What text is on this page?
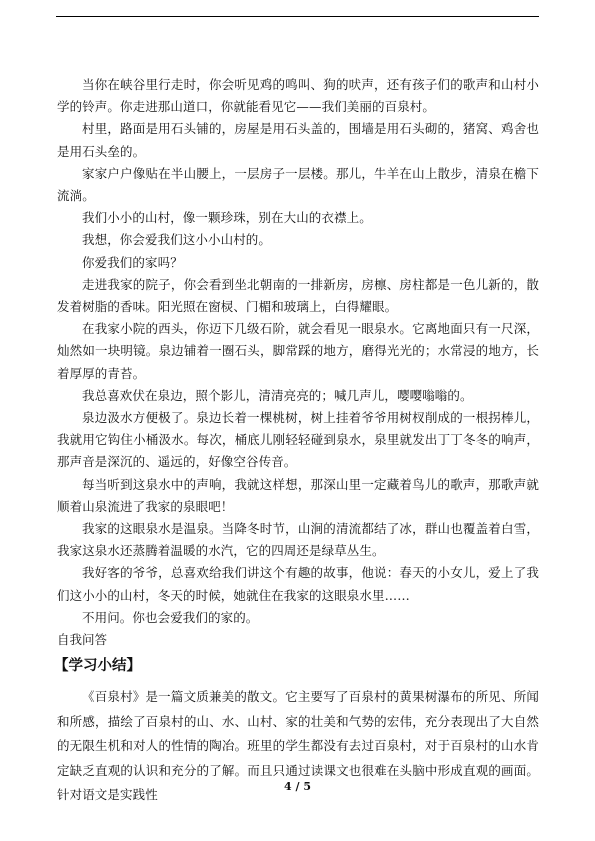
当你在峡谷里行走时，你会听见鸡的鸣叫、狗的吠声，还有孩子们的歌声和山村小学的铃声。你走进那山道口，你就能看见它——我们美丽的百泉村。

村里，路面是用石头铺的，房屋是用石头盖的，围墙是用石头砌的，猪窝、鸡舍也是用石头垒的。

家家户户像贴在半山腰上，一层房子一层楼。那儿，牛羊在山上散步，清泉在檐下流淌。

我们小小的山村，像一颗珍珠，别在大山的衣襟上。

我想，你会爱我们这小小山村的。

你爱我们的家吗？

走进我家的院子，你会看到坐北朝南的一排新房，房檩、房柱都是一色儿新的，散发着树脂的香味。阳光照在窗棂、门楣和玻璃上，白得耀眼。

在我家小院的西头，你迈下几级石阶，就会看见一眼泉水。它离地面只有一尺深，灿然如一块明镜。泉边铺着一圈石头，脚常踩的地方，磨得光光的；水常浸的地方，长着厚厚的青苔。

我总喜欢伏在泉边，照个影儿，清清亮亮的；喊几声儿，嘤嘤嗡嗡的。

泉边汲水方便极了。泉边长着一棵桃树，树上挂着爷爷用树杈削成的一根拐棒儿，我就用它钩住小桶汲水。每次，桶底儿刚轻轻碰到泉水，泉里就发出丁丁冬冬的响声，那声音是深沉的、遥远的，好像空谷传音。

每当听到这泉水中的声响，我就这样想，那深山里一定藏着鸟儿的歌声，那歌声就顺着山泉流进了我家的泉眼吧！

我家的这眼泉水是温泉。当降冬时节，山涧的清流都结了冰，群山也覆盖着白雪，我家这泉水还蒸腾着温暖的水汽，它的四周还是绿草丛生。

我好客的爷爷，总喜欢给我们讲这个有趣的故事，他说：春天的小女儿，爱上了我们这小小的山村，冬天的时候，她就住在我家的这眼泉水里……

不用问。你也会爱我们的家的。

自我问答

【学习小结】

《百泉村》是一篇文质兼美的散文。它主要写了百泉村的黄果树瀑布的所见、所闻和所感，描绘了百泉村的山、水、山村、家的壮美和气势的宏伟，充分表现出了大自然的无限生机和对人的性情的陶冶。班里的学生都没有去过百泉村，对于百泉村的山水肯定缺乏直观的认识和充分的了解。而且只通过读课文也很难在头脑中形成直观的画面。针对语文是实践性

4 / 5
